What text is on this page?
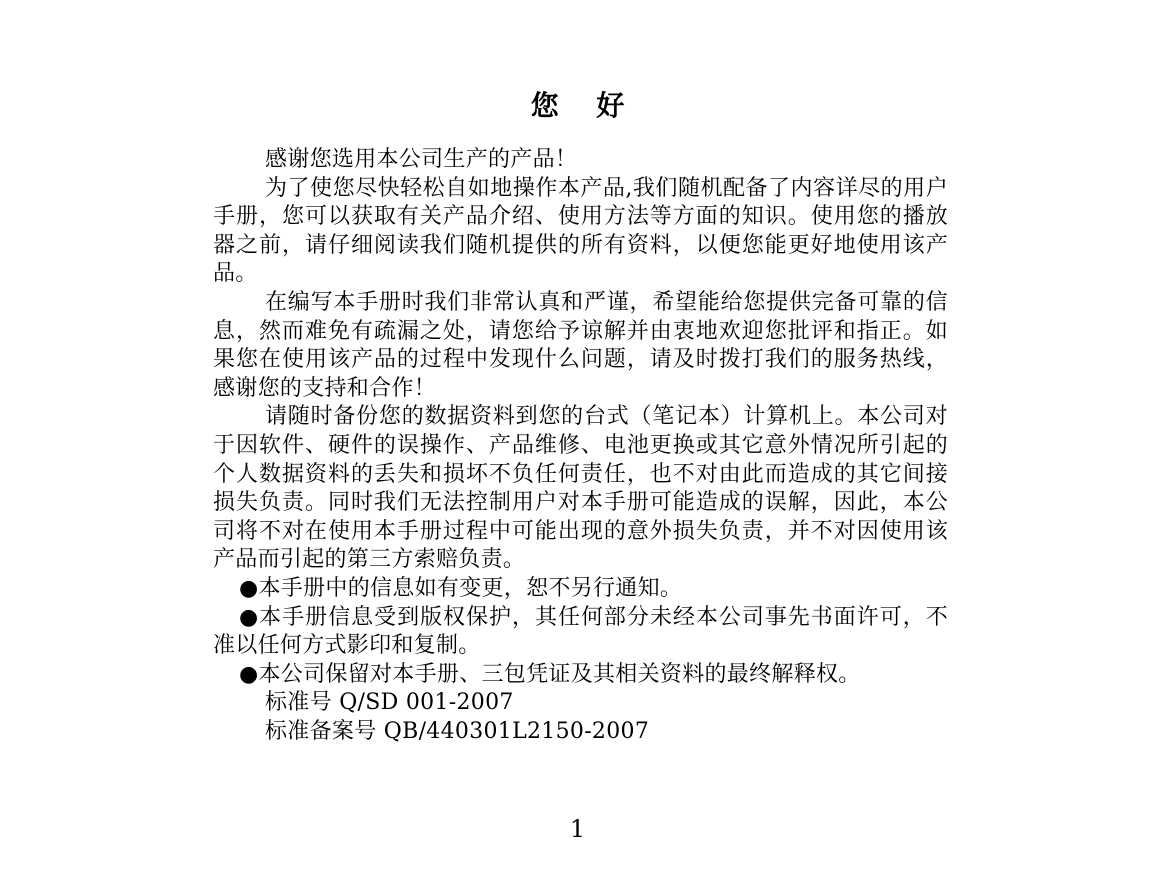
您 好

感谢您选用本公司生产的产品！

为了使您尽快轻松自如地操作本产品,我们随机配备了内容详尽的用户手册，您可以获取有关产品介绍、使用方法等方面的知识。使用您的播放器之前，请仔细阅读我们随机提供的所有资料，以便您能更好地使用该产品。

在编写本手册时我们非常认真和严谨，希望能给您提供完备可靠的信息，然而难免有疏漏之处，请您给予谅解并由衷地欢迎您批评和指正。如果您在使用该产品的过程中发现什么问题，请及时拨打我们的服务热线，感谢您的支持和合作！

请随时备份您的数据资料到您的台式（笔记本）计算机上。本公司对于因软件、硬件的误操作、产品维修、电池更换或其它意外情况所引起的个人数据资料的丢失和损坏不负任何责任，也不对由此而造成的其它间接损失负责。同时我们无法控制用户对本手册可能造成的误解，因此，本公司将不对在使用本手册过程中可能出现的意外损失负责，并不对因使用该产品而引起的第三方索赔负责。

●本手册中的信息如有变更，恕不另行通知。

●本手册信息受到版权保护，其任何部分未经本公司事先书面许可，不准以任何方式影印和复制。

●本公司保留对本手册、三包凭证及其相关资料的最终解释权。

标准号 Q/SD 001-2007

标准备案号 QB/440301L2150-2007

1
